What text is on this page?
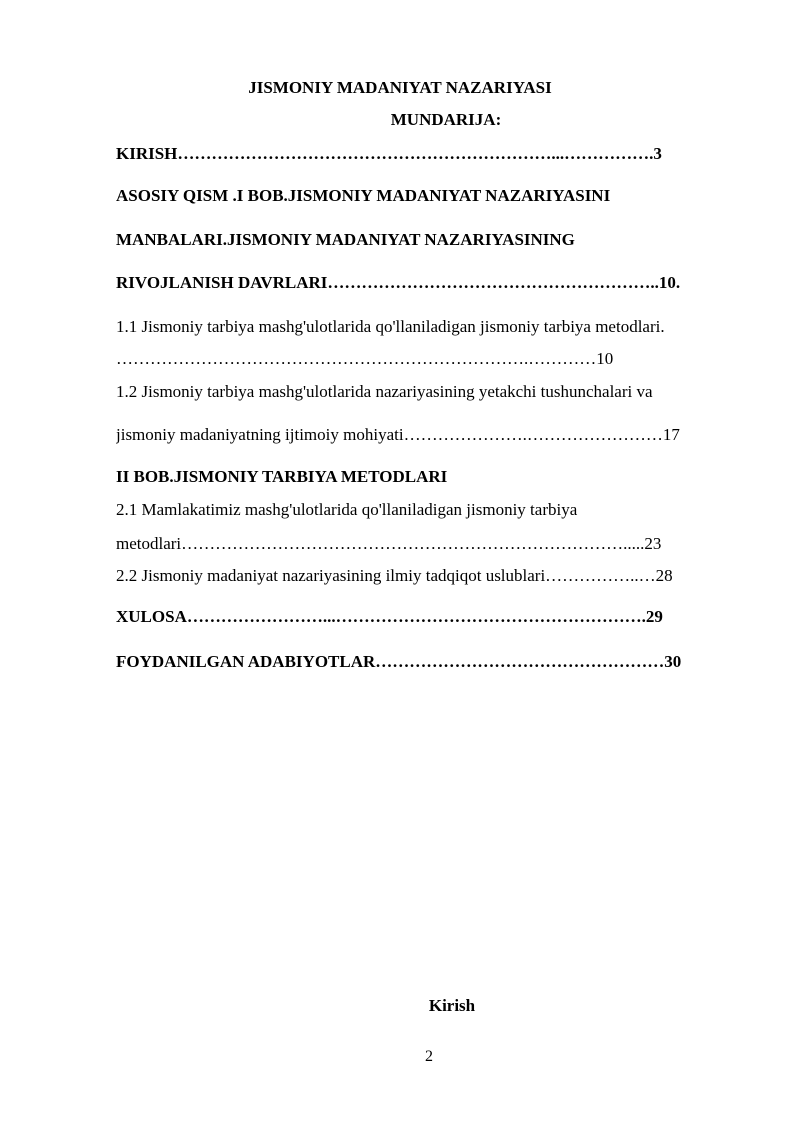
JISMONIY MADANIYAT NAZARIYASI
MUNDARIJA:
KIRISH…………………………………………………………...…………….3
ASOSIY QISM .I BOB.JISMONIY MADANIYAT NAZARIYASINI
MANBALARI.JISMONIY MADANIYAT NAZARIYASINING
RIVOJLANISH DAVRLARI…………………………………………………..10.
1.1 Jismoniy tarbiya mashg'ulotlarida qo'llaniladigan jismoniy tarbiya metodlari.
……………………………………………………………….…………10
1.2 Jismoniy tarbiya mashg'ulotlarida nazariyasining yetakchi tushunchalari va
jismoniy madaniyatning ijtimoiy mohiyati………………….……………………17
II BOB.JISMONIY TARBIYA METODLARI
2.1 Mamlakatimiz mashg'ulotlarida qo'llaniladigan jismoniy tarbiya
metodlari…………………………………………………………………….....23
2.2 Jismoniy madaniyat nazariyasining ilmiy tadqiqot uslublari……………..…28
XULOSA……………………...……………………………………………….29
FOYDANILGAN ADABIYOTLAR……………………………………………30
Kirish
2
